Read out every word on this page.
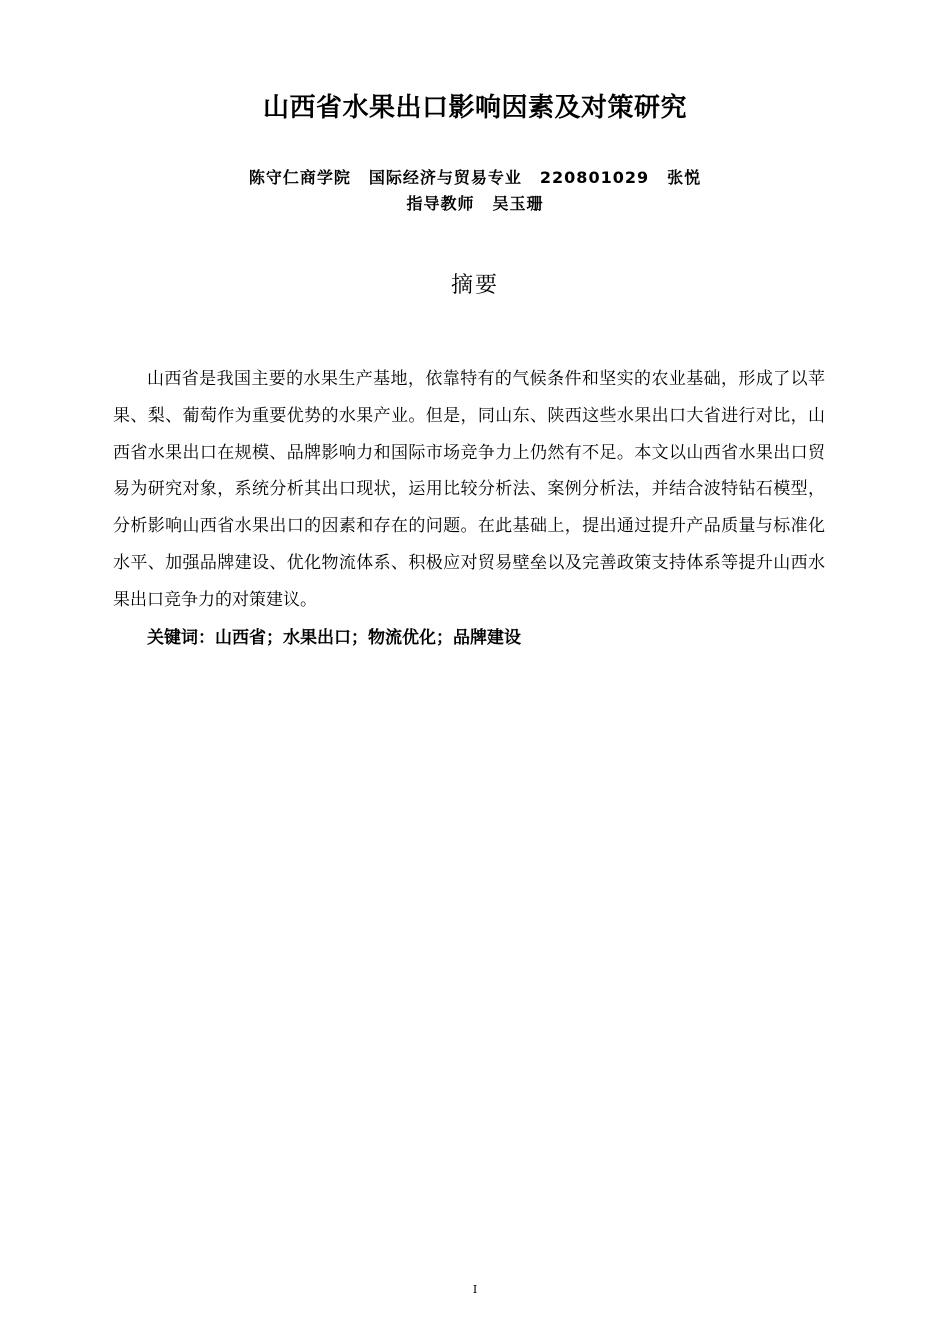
山西省水果出口影响因素及对策研究
陈守仁商学院 国际经济与贸易专业 220801029 张悦
指导教师 吴玉珊
摘要

山西省是我国主要的水果生产基地，依靠特有的气候条件和坚实的农业基础，形成了以苹果、梨、葡萄作为重要优势的水果产业。但是，同山东、陕西这些水果出口大省进行对比，山西省水果出口在规模、品牌影响力和国际市场竞争力上仍然有不足。本文以山西省水果出口贸易为研究对象，系统分析其出口现状，运用比较分析法、案例分析法，并结合波特钻石模型，分析影响山西省水果出口的因素和存在的问题。在此基础上，提出通过提升产品质量与标准化水平、加强品牌建设、优化物流体系、积极应对贸易壁垒以及完善政策支持体系等提升山西水果出口竞争力的对策建议。

关键词：山西省；水果出口；物流优化；品牌建设

I
